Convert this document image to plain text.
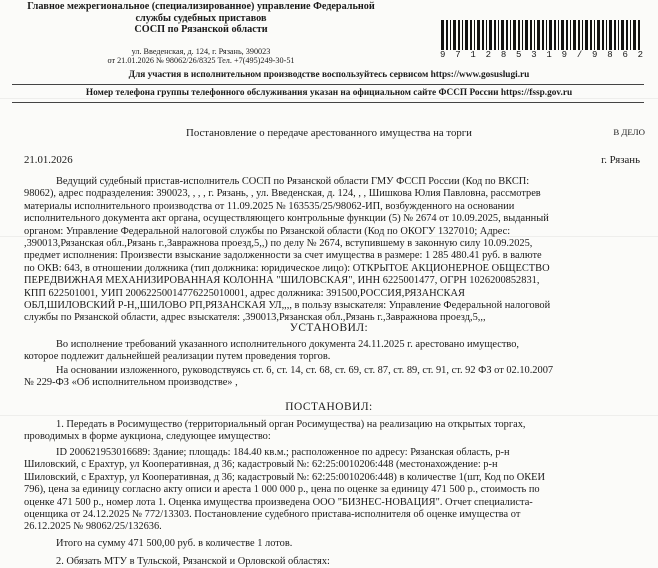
Главное межрегиональное (специализированное) управление Федеральной
службы судебных приставов
СОСП по Рязанской области
ул. Введенская, д. 124, г. Рязань, 390023
от 21.01.2026 № 98062/26/8325 Тел. +7(495)249-30-51
9 7 1 2 8 5 3 1 9 / 9 8 6 2
Для участия в исполнительном производстве воспользуйтесь сервисом https://www.gosuslugi.ru
Номер телефона группы телефонного обслуживания указан на официальном сайте ФССП России https://fssp.gov.ru
В ДЕЛО
Постановление о передаче арестованного имущества на торги
21.01.2026	г. Рязань
Ведущий судебный пристав-исполнитель СОСП по Рязанской области ГМУ ФССП России (Код по ВКСП:
98062), адрес подразделения: 390023, , , , г. Рязань, , ул. Введенская, д. 124, , , Шишкова Юлия Павловна, рассмотрев
материалы исполнительного производства от 11.09.2025 № 163535/25/98062-ИП, возбужденного на основании
исполнительного документа акт органа, осуществляющего контрольные функции (5) № 2674 от 10.09.2025, выданный
органом: Управление Федеральной налоговой службы по Рязанской области (Код по ОКОГУ 1327010; Адрес:
,390013,Рязанская обл.,Рязань г.,Завражнова проезд,5,,) по делу № 2674, вступившему в законную силу 10.09.2025,
предмет исполнения: Произвести взыскание задолженности за счет имущества в размере: 1 285 480.41 руб. в валюте
по ОКВ: 643, в отношении должника (тип должника: юридическое лицо): ОТКРЫТОЕ АКЦИОНЕРНОЕ ОБЩЕСТВО
ПЕРЕДВИЖНАЯ МЕХАНИЗИРОВАННАЯ КОЛОННА "ШИЛОВСКАЯ", ИНН 6225001477, ОГРН 1026200852831,
КПП 622501001, УИП 20062250014776225010001, адрес должника: 391500,РОССИЯ,РЯЗАНСКАЯ
ОБЛ,ШИЛОВСКИЙ Р-Н,,ШИЛОВО РП,РЯЗАНСКАЯ УЛ,,,, в пользу взыскателя: Управление Федеральной налоговой
службы по Рязанской области, адрес взыскателя: ,390013,Рязанская обл.,Рязань г.,Завражнова проезд,5,,,
УСТАНОВИЛ:
Во исполнение требований указанного исполнительного документа 24.11.2025 г. арестовано имущество,
которое подлежит дальнейшей реализации путем проведения торгов.
На основании изложенного, руководствуясь ст. 6, ст. 14, ст. 68, ст. 69, ст. 87, ст. 89, ст. 91, ст. 92 ФЗ от 02.10.2007
№ 229-ФЗ «Об исполнительном производстве» ,
ПОСТАНОВИЛ:
1. Передать в Росимущество (территориальный орган Росимущества) на реализацию на открытых торгах,
проводимых в форме аукциона, следующее имущество:
ID 200621953016689: Здание; площадь: 184.40 кв.м.; расположенное по адресу: Рязанская область, р-н
Шиловский, с Ерахтур, ул Кооперативная, д 36; кадастровый №: 62:25:0010206:448 (местонахождение: р-н
Шиловский, с Ерахтур, ул Кооперативная, д 36; кадастровый №: 62:25:0010206:448) в количестве 1(шт, Код по ОКЕИ
796), цена за единицу согласно акту описи и ареста 1 000 000 р., цена по оценке за единицу 471 500 р., стоимость по
оценке 471 500 р., номер лота 1. Оценка имущества произведена ООО "БИЗНЕС-НОВАЦИЯ". Отчет специалиста-
оценщика от 24.12.2025 № 772/13303. Постановление судебного пристава-исполнителя об оценке имущества от
26.12.2025 № 98062/25/132636.
Итого на сумму 471 500,00 руб. в количестве 1 лотов.
2. Обязать МТУ в Тульской, Рязанской и Орловской областях:
